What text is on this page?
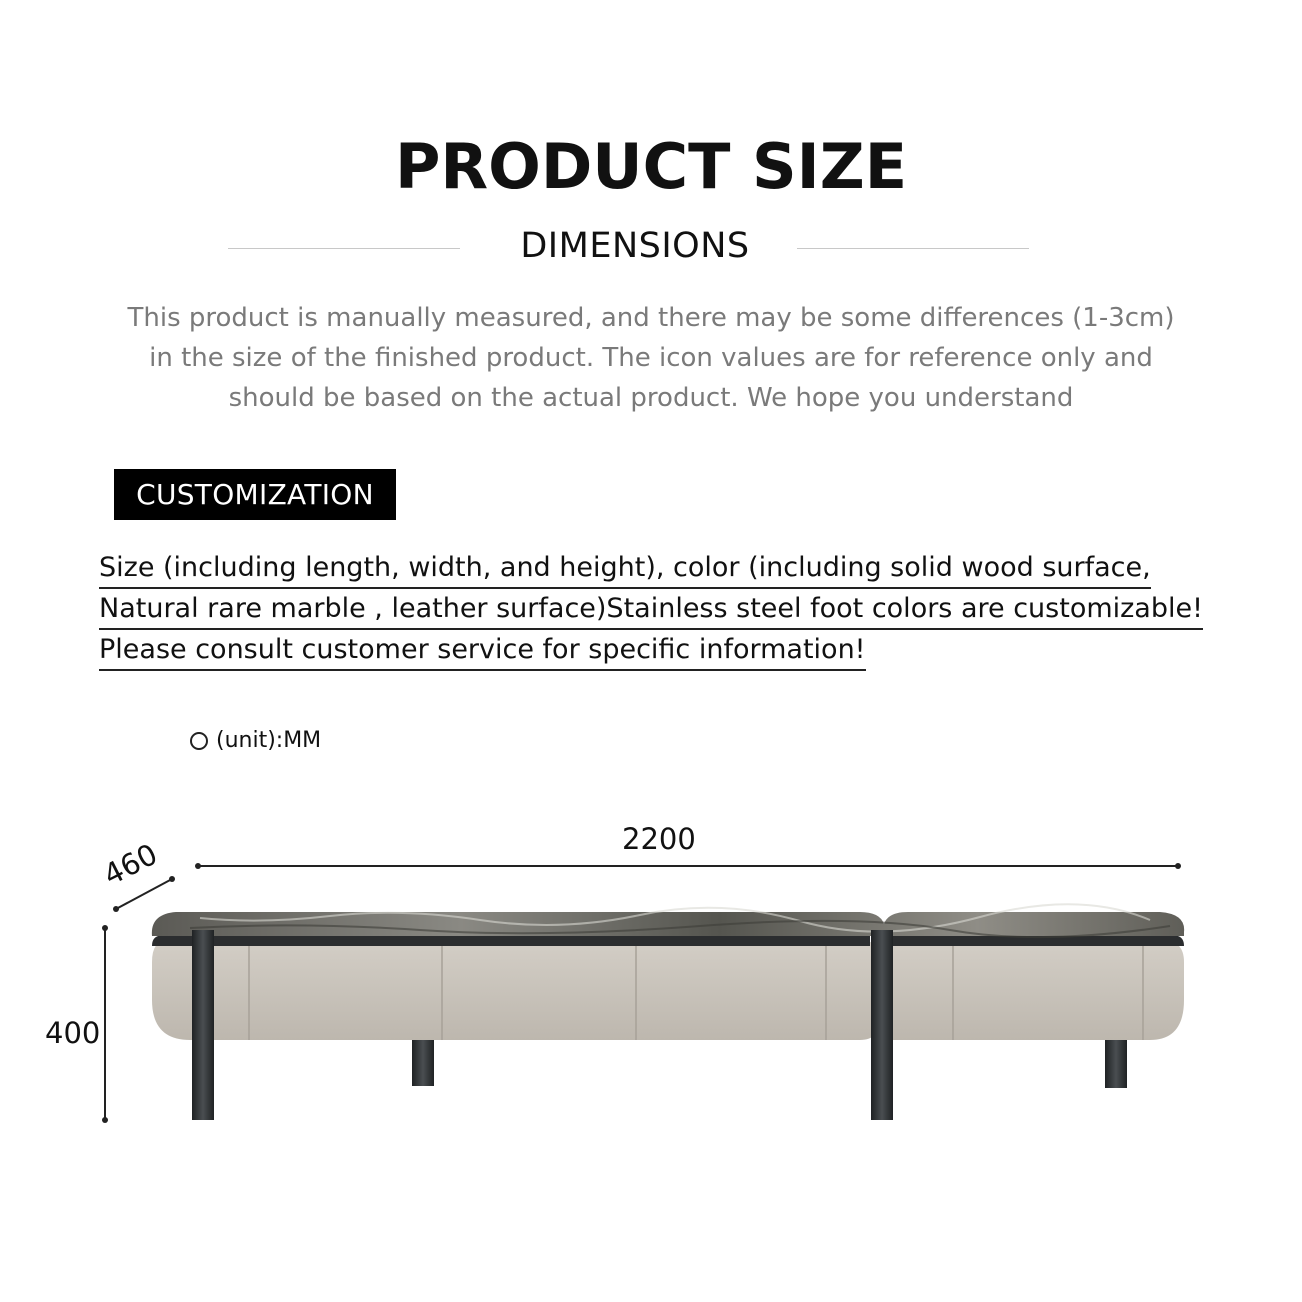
PRODUCT SIZE
DIMENSIONS
This product is manually measured, and there may be some differences (1-3cm)
in the size of the finished product. The icon values are for reference only and
should be based on the actual product. We hope you understand
CUSTOMIZATION
Size (including length, width, and height), color (including solid wood surface,
Natural rare marble , leather surface)Stainless steel foot colors are customizable!
Please consult customer service for specific information!
(unit):MM
2200
460
400
